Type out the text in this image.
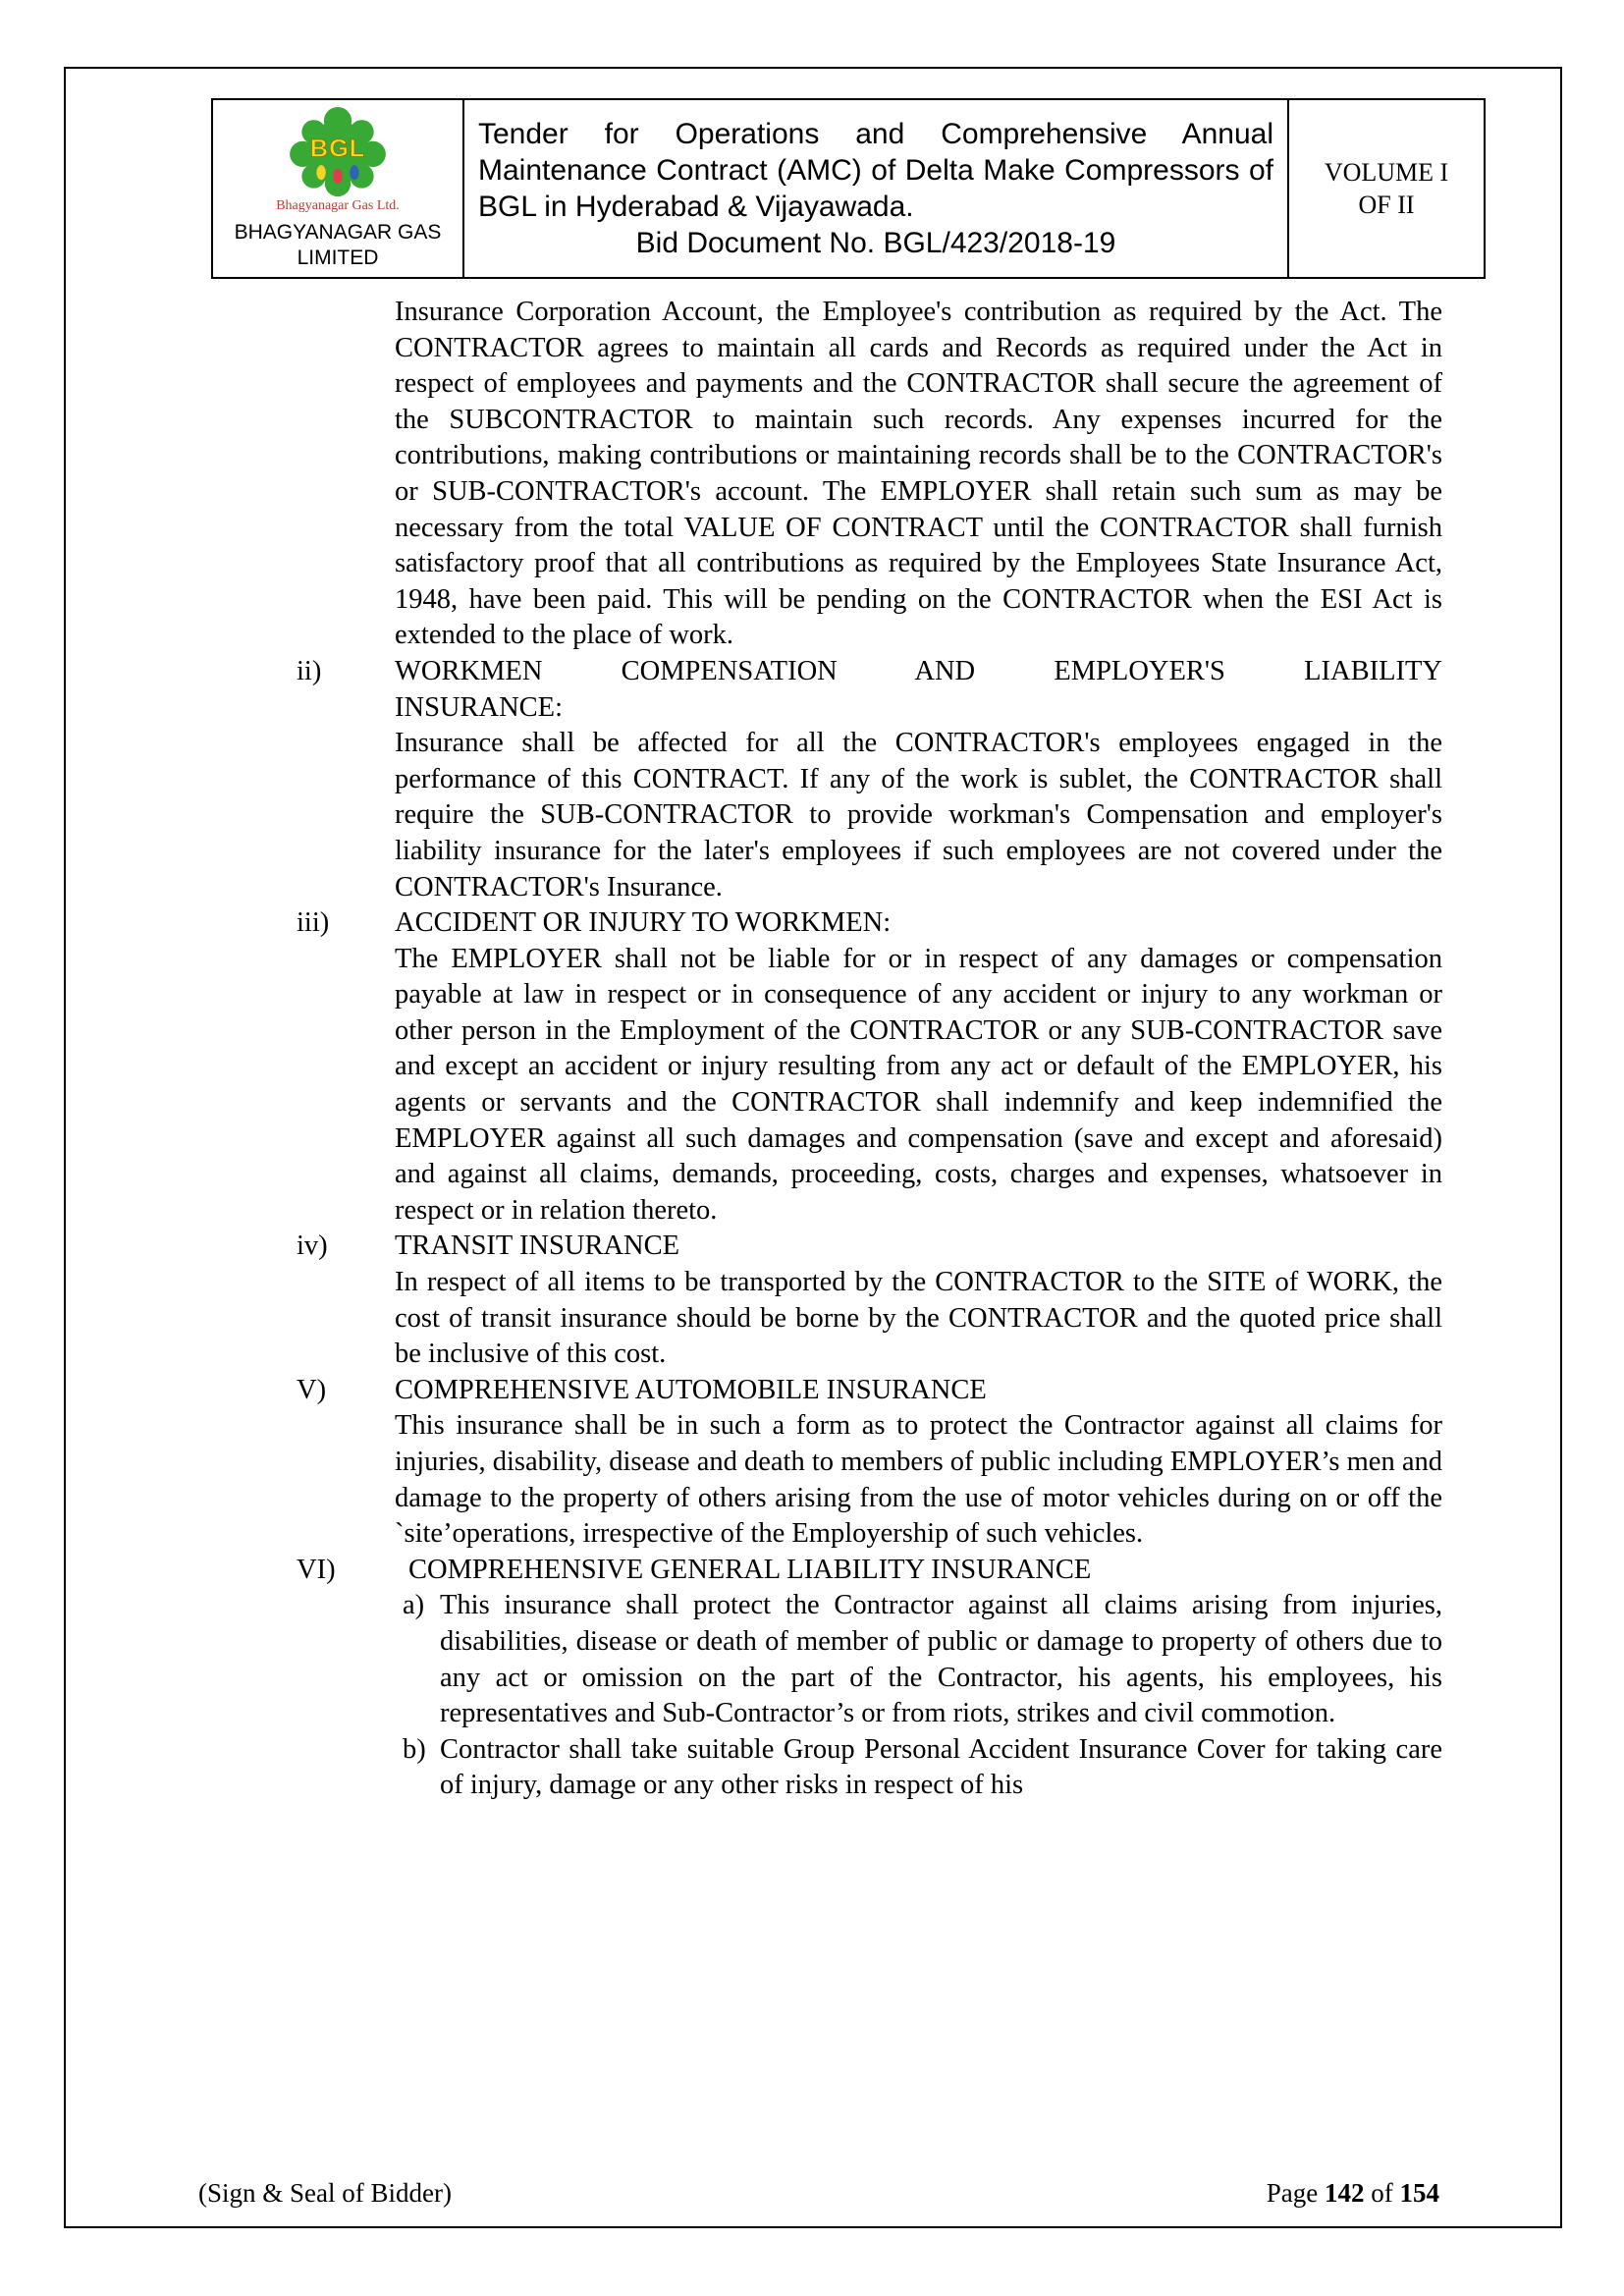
BGL
Bhagyanagar Gas Ltd.
BHAGYANAGAR GAS
LIMITED

Tender for Operations and Comprehensive Annual Maintenance Contract (AMC) of Delta Make Compressors of BGL in Hyderabad & Vijayawada.
Bid Document No. BGL/423/2018-19

VOLUME I
OF II

Insurance Corporation Account, the Employee's contribution as required by the Act. The CONTRACTOR agrees to maintain all cards and Records as required under the Act in respect of employees and payments and the CONTRACTOR shall secure the agreement of the SUBCONTRACTOR to maintain such records. Any expenses incurred for the contributions, making contributions or maintaining records shall be to the CONTRACTOR's or SUB-CONTRACTOR's account. The EMPLOYER shall retain such sum as may be necessary from the total VALUE OF CONTRACT until the CONTRACTOR shall furnish satisfactory proof that all contributions as required by the Employees State Insurance Act, 1948, have been paid. This will be pending on the CONTRACTOR when the ESI Act is extended to the place of work.

ii)	WORKMEN COMPENSATION AND EMPLOYER'S LIABILITY
INSURANCE:

Insurance shall be affected for all the CONTRACTOR's employees engaged in the performance of this CONTRACT. If any of the work is sublet, the CONTRACTOR shall require the SUB-CONTRACTOR to provide workman's Compensation and employer's liability insurance for the later's employees if such employees are not covered under the CONTRACTOR's Insurance.

iii)	ACCIDENT OR INJURY TO WORKMEN:

The EMPLOYER shall not be liable for or in respect of any damages or compensation payable at law in respect or in consequence of any accident or injury to any workman or other person in the Employment of the CONTRACTOR or any SUB-CONTRACTOR save and except an accident or injury resulting from any act or default of the EMPLOYER, his agents or servants and the CONTRACTOR shall indemnify and keep indemnified the EMPLOYER against all such damages and compensation (save and except and aforesaid) and against all claims, demands, proceeding, costs, charges and expenses, whatsoever in respect or in relation thereto.

iv)	TRANSIT INSURANCE

In respect of all items to be transported by the CONTRACTOR to the SITE of WORK, the cost of transit insurance should be borne by the CONTRACTOR and the quoted price shall be inclusive of this cost.

V)	COMPREHENSIVE AUTOMOBILE INSURANCE

This insurance shall be in such a form as to protect the Contractor against all claims for injuries, disability, disease and death to members of public including EMPLOYER’s men and damage to the property of others arising from the use of motor vehicles during on or off the `site’operations, irrespective of the Employership of such vehicles.

VI)	COMPREHENSIVE GENERAL LIABILITY INSURANCE
a) This insurance shall protect the Contractor against all claims arising from injuries, disabilities, disease or death of member of public or damage to property of others due to any act or omission on the part of the Contractor, his agents, his employees, his representatives and Sub-Contractor’s or from riots, strikes and civil commotion.

b) Contractor shall take suitable Group Personal Accident Insurance Cover for taking care of injury, damage or any other risks in respect of his

(Sign & Seal of Bidder)	Page 142 of 154
